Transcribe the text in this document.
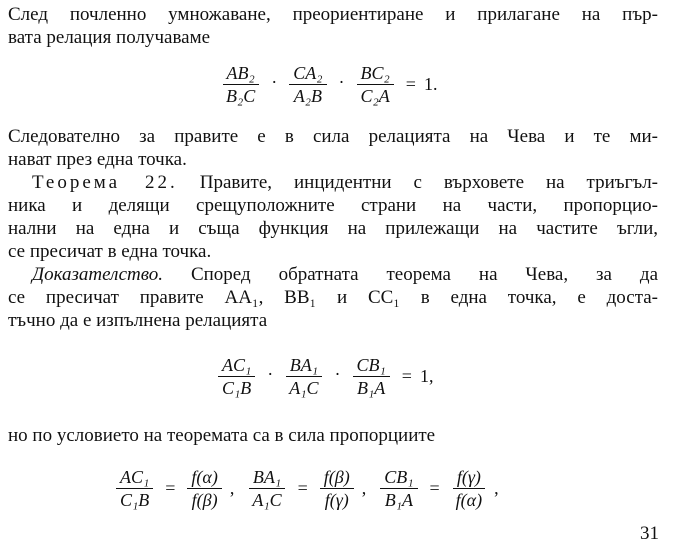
След почленно умножаване, преориентиране и прилагане на пър-
вата релация получаваме
$\frac{\text{AB₂}}{\text{B₂C}} \cdot \frac{\text{CA₂}}{\text{A₂B}} \cdot \frac{\text{BC₂}}{\text{C₂A}} = 1$.
Следователно за правите е в сила релацията на Чева и те ми-
нават през една точка.
Теорема 22. Правите, инцидентни с върховете на триъгъл-
ника и делящи срещуположните страни на части, пропорцио-
нални на една и съща функция на прилежащи на частите ъгли,
се пресичат в една точка.
Доказателство. Според обратната теорема на Чева, за да
се пресичат правите AA₁, BB₁ и CC₁ в една точка, е доста-
тъчно да е изпълнена релацията
$\frac{\text{AC₁}}{\text{C₁B}} \cdot \frac{\text{BA₁}}{\text{A₁C}} \cdot \frac{\text{CB₁}}{\text{B₁A}} = 1$,
но по условието на теоремата са в сила пропорциите
$\frac{\text{AC₁}}{\text{C₁B}} = \frac{f(\alpha)}{f(\beta)}$ , $\frac{\text{BA₁}}{\text{A₁C}} = \frac{f(\beta)}{f(\gamma)}$ , $\frac{\text{CB₁}}{\text{B₁A}} = \frac{f(\gamma)}{f(\alpha)}$ ,
31
